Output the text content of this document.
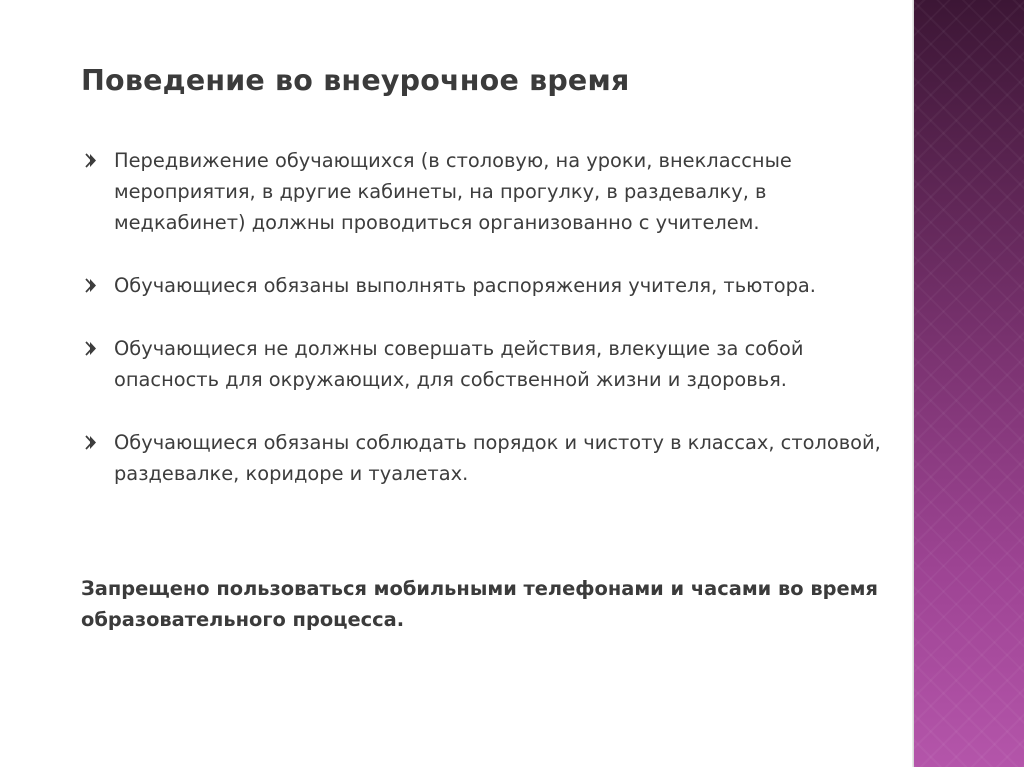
Поведение во внеурочное время
Передвижение обучающихся (в столовую, на уроки, внеклассные мероприятия, в другие кабинеты, на прогулку, в раздевалку, в медкабинет) должны проводиться организованно с учителем.
Обучающиеся обязаны выполнять распоряжения учителя, тьютора.
Обучающиеся не должны совершать действия, влекущие за собой опасность для окружающих, для собственной жизни и здоровья.
Обучающиеся обязаны соблюдать порядок и чистоту в классах, столовой, раздевалке, коридоре и туалетах.

Запрещено пользоваться мобильными телефонами и часами во время образовательного процесса.
